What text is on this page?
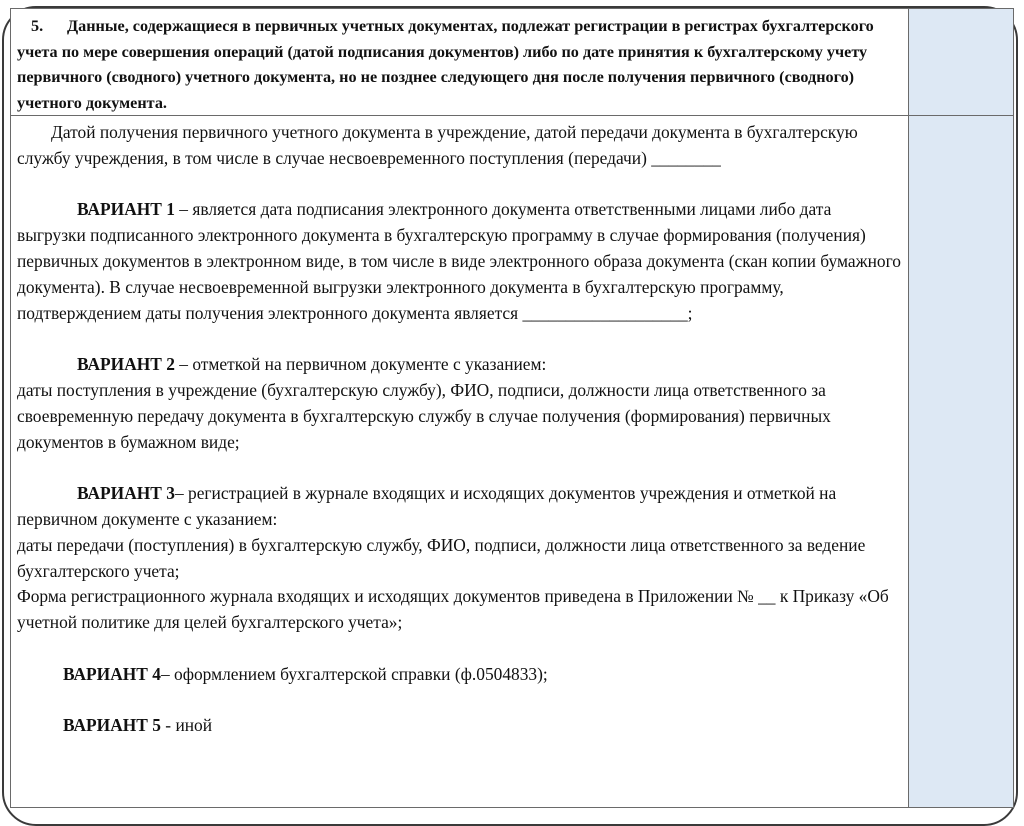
5. Данные, содержащиеся в первичных учетных документах, подлежат регистрации в регистрах бухгалтерского учета по мере совершения операций (датой подписания документов) либо по дате принятия к бухгалтерскому учету первичного (сводного) учетного документа, но не позднее следующего дня после получения первичного (сводного) учетного документа.

Датой получения первичного учетного документа в учреждение, датой передачи документа в бухгалтерскую службу учреждения, в том числе в случае несвоевременного поступления (передачи) ________

ВАРИАНТ 1 – является дата подписания электронного документа ответственными лицами либо дата выгрузки подписанного электронного документа в бухгалтерскую программу в случае формирования (получения) первичных документов в электронном виде, в том числе в виде электронного образа документа (скан копии бумажного документа). В случае несвоевременной выгрузки электронного документа в бухгалтерскую программу, подтверждением даты получения электронного документа является ___________________;

ВАРИАНТ 2 – отметкой на первичном документе с указанием:

даты поступления в учреждение (бухгалтерскую службу), ФИО, подписи, должности лица ответственного за своевременную передачу документа в бухгалтерскую службу в случае получения (формирования) первичных документов в бумажном виде;

ВАРИАНТ 3– регистрацией в журнале входящих и исходящих документов учреждения и отметкой на первичном документе с указанием:

даты передачи (поступления) в бухгалтерскую службу, ФИО, подписи, должности лица ответственного за ведение бухгалтерского учета;

Форма регистрационного журнала входящих и исходящих документов приведена в Приложении № __ к Приказу «Об учетной политике для целей бухгалтерского учета»;

ВАРИАНТ 4– оформлением бухгалтерской справки (ф.0504833);

ВАРИАНТ 5 - иной
